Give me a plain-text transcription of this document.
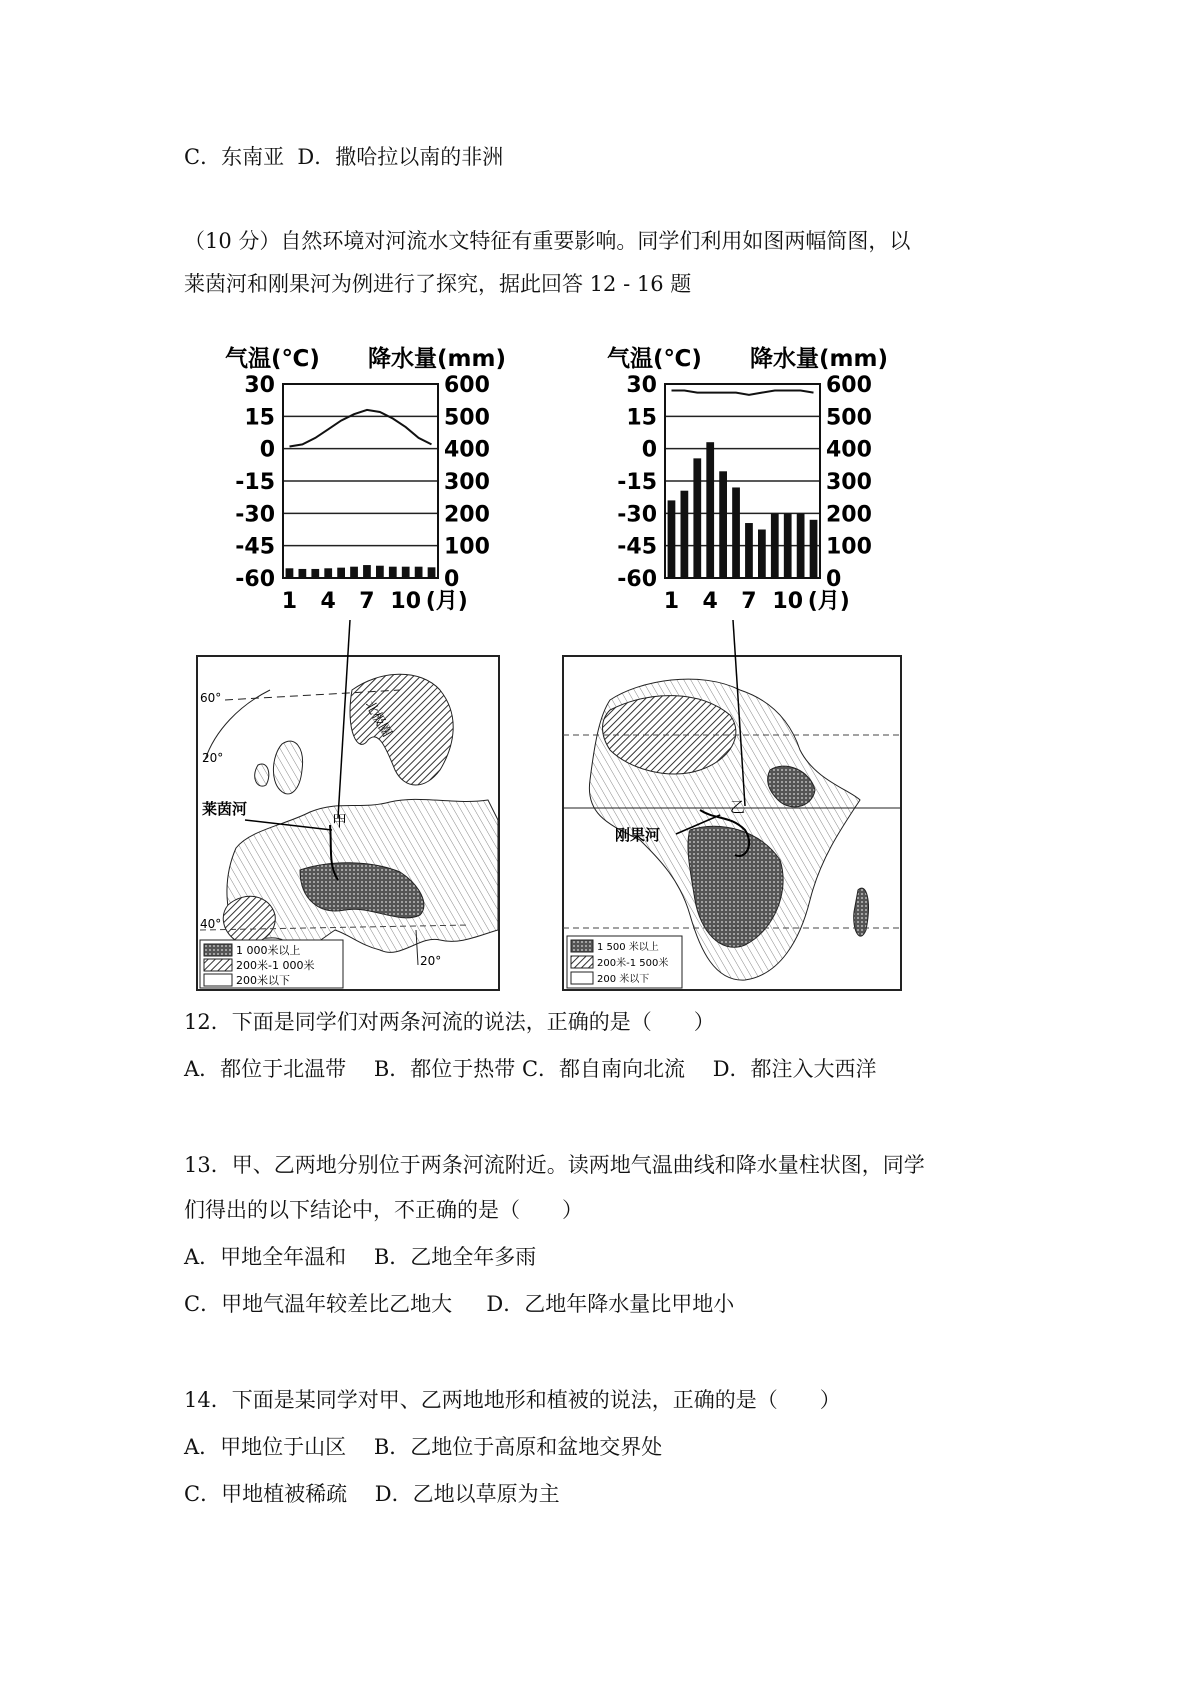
C．东南亚  D．撒哈拉以南的非洲
（10 分）自然环境对河流水文特征有重要影响。同学们利用如图两幅简图，以
莱茵河和刚果河为例进行了探究，据此回答 12 - 16 题
气温(℃) 降水量(mm)
30	600
15	500
0	400
-15	300
-30	200
-45	100
-60	0
1 4 7 10 (月)
气温(℃) 降水量(mm)
30	600
15	500
0	400
-15	300
-30	200
-45	100
-60	0
1 4 7 10 (月)
甲
莱茵河
北极圈
60°
20°
40°
20°
1 000米以上
200米-1 000米
200米以下
乙
刚果河
1 500 米以上
200米-1 500米
200 米以下
12．下面是同学们对两条河流的说法，正确的是（　　）
A．都位于北温带　 B．都位于热带 C．都自南向北流　 D．都注入大西洋
13．甲、乙两地分别位于两条河流附近。读两地气温曲线和降水量柱状图，同学
们得出的以下结论中，不正确的是（　　）
A．甲地全年温和　 B．乙地全年多雨
C．甲地气温年较差比乙地大 　 D．乙地年降水量比甲地小
14．下面是某同学对甲、乙两地地形和植被的说法，正确的是（　　）
A．甲地位于山区　 B．乙地位于高原和盆地交界处
C．甲地植被稀疏　 D．乙地以草原为主
